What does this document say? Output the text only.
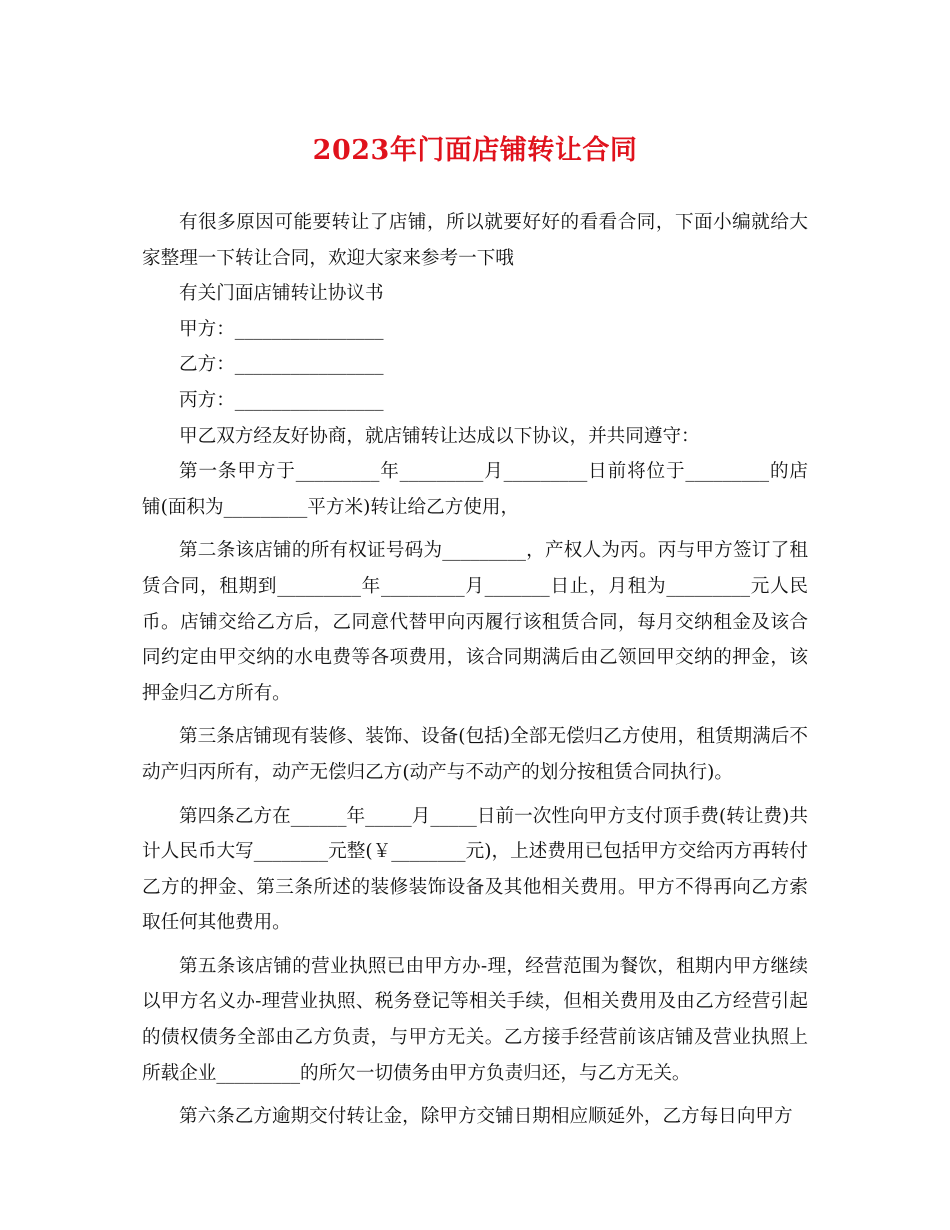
2023年门面店铺转让合同

有很多原因可能要转让了店铺，所以就要好好的看看合同，下面小编就给大家整理一下转让合同，欢迎大家来参考一下哦

有关门面店铺转让协议书

甲方：________________

乙方：________________

丙方：________________

甲乙双方经友好协商，就店铺转让达成以下协议，并共同遵守：

第一条甲方于_________年_________月_________日前将位于_________的店铺(面积为_________平方米)转让给乙方使用，

第二条该店铺的所有权证号码为_________，产权人为丙。丙与甲方签订了租赁合同，租期到_________年_________月_______日止，月租为_________元人民币。店铺交给乙方后，乙同意代替甲向丙履行该租赁合同，每月交纳租金及该合同约定由甲交纳的水电费等各项费用，该合同期满后由乙领回甲交纳的押金，该押金归乙方所有。

第三条店铺现有装修、装饰、设备(包括)全部无偿归乙方使用，租赁期满后不动产归丙所有，动产无偿归乙方(动产与不动产的划分按租赁合同执行)。

第四条乙方在______年_____月_____日前一次性向甲方支付顶手费(转让费)共计人民币大写________元整(￥________元)，上述费用已包括甲方交给丙方再转付乙方的押金、第三条所述的装修装饰设备及其他相关费用。甲方不得再向乙方索取任何其他费用。

第五条该店铺的营业执照已由甲方办-理，经营范围为餐饮，租期内甲方继续以甲方名义办-理营业执照、税务登记等相关手续，但相关费用及由乙方经营引起的债权债务全部由乙方负责，与甲方无关。乙方接手经营前该店铺及营业执照上所载企业_________的所欠一切债务由甲方负责归还，与乙方无关。

第六条乙方逾期交付转让金，除甲方交铺日期相应顺延外，乙方每日向甲方
